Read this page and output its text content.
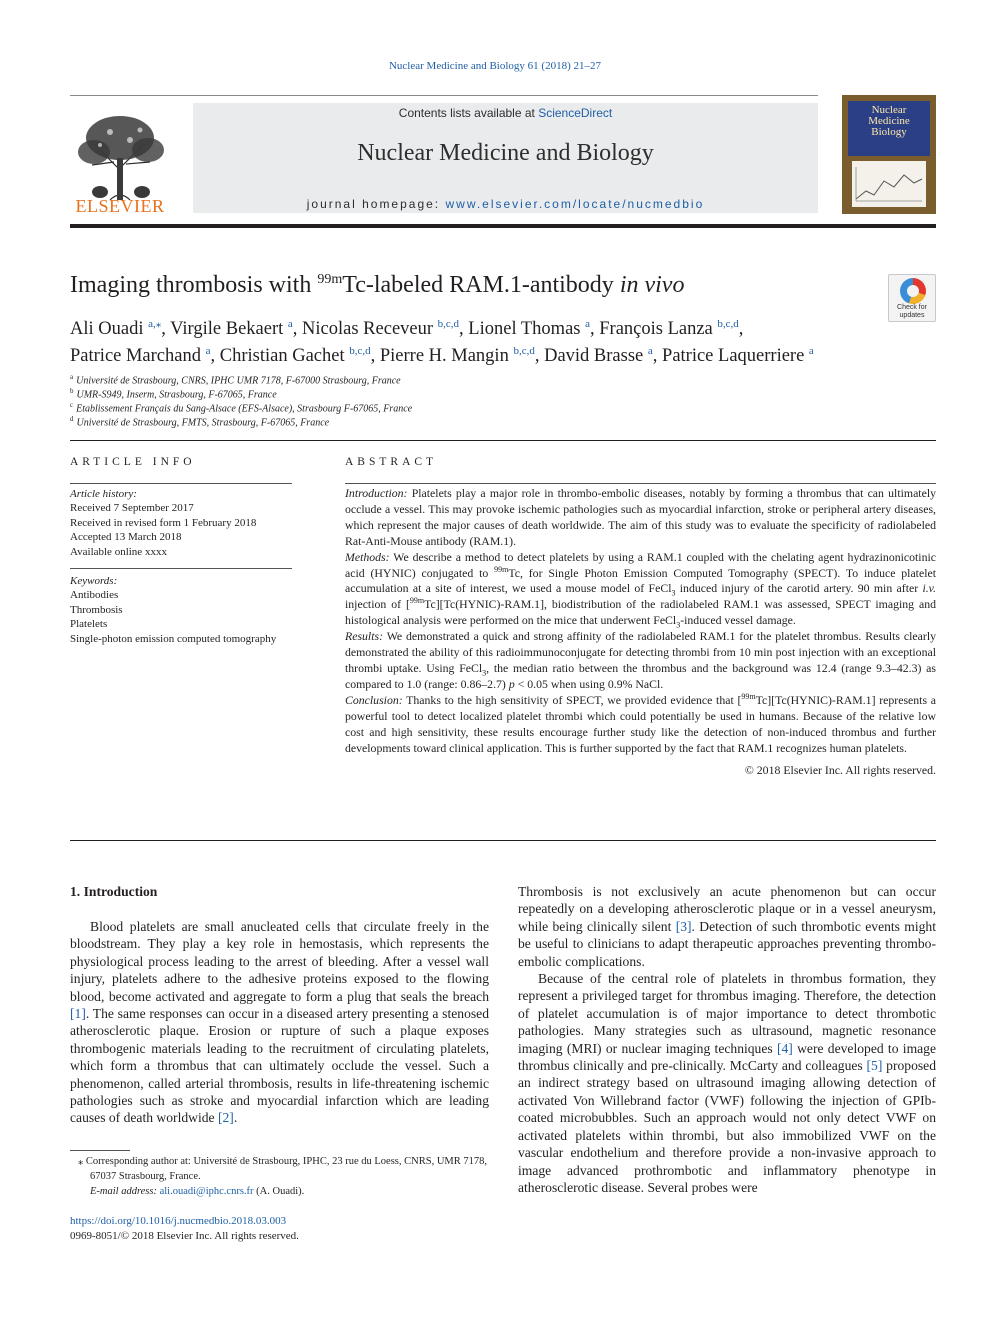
Nuclear Medicine and Biology 61 (2018) 21–27
ELSEVIER
Contents lists available at ScienceDirect
Nuclear Medicine and Biology
journal homepage: www.elsevier.com/locate/nucmedbio
Nuclear
Medicine
Biology
Imaging thrombosis with $^{99m}$Tc-labeled RAM.1-antibody in vivo
Check for
updates
Ali Ouadi $^{a,⁎}$, Virgile Bekaert $^a$, Nicolas Receveur $^{b,c,d}$, Lionel Thomas $^a$, François Lanza $^{b,c,d}$,
Patrice Marchand $^a$, Christian Gachet $^{b,c,d}$, Pierre H. Mangin $^{b,c,d}$, David Brasse $^a$, Patrice Laquerriere $^a$
$^a$ Université de Strasbourg, CNRS, IPHC UMR 7178, F-67000 Strasbourg, France
$^b$ UMR-S949, Inserm, Strasbourg, F-67065, France
$^c$ Etablissement Français du Sang-Alsace (EFS-Alsace), Strasbourg F-67065, France
$^d$ Université de Strasbourg, FMTS, Strasbourg, F-67065, France
ARTICLE INFO
Article history:
Received 7 September 2017
Received in revised form 1 February 2018
Accepted 13 March 2018
Available online xxxx
Keywords:
Antibodies
Thrombosis
Platelets
Single-photon emission computed tomography
ABSTRACT

Introduction: Platelets play a major role in thrombo-embolic diseases, notably by forming a thrombus that can ultimately occlude a vessel. This may provoke ischemic pathologies such as myocardial infarction, stroke or peripheral artery diseases, which represent the major causes of death worldwide. The aim of this study was to evaluate the specificity of radiolabeled Rat-Anti-Mouse antibody (RAM.1).

Methods: We describe a method to detect platelets by using a RAM.1 coupled with the chelating agent hydrazinonicotinic acid (HYNIC) conjugated to $^{99m}$Tc, for Single Photon Emission Computed Tomography (SPECT). To induce platelet accumulation at a site of interest, we used a mouse model of FeCl$_3$ induced injury of the carotid artery. 90 min after i.v. injection of [$^{99m}$Tc][Tc(HYNIC)-RAM.1], biodistribution of the radiolabeled RAM.1 was assessed, SPECT imaging and histological analysis were performed on the mice that underwent FeCl$_3$-induced vessel damage.

Results: We demonstrated a quick and strong affinity of the radiolabeled RAM.1 for the platelet thrombus. Results clearly demonstrated the ability of this radioimmunoconjugate for detecting thrombi from 10 min post injection with an exceptional thrombi uptake. Using FeCl$_3$, the median ratio between the thrombus and the background was 12.4 (range 9.3–42.3) as compared to 1.0 (range: 0.86–2.7) p < 0.05 when using 0.9% NaCl.

Conclusion: Thanks to the high sensitivity of SPECT, we provided evidence that [$^{99m}$Tc][Tc(HYNIC)-RAM.1] represents a powerful tool to detect localized platelet thrombi which could potentially be used in humans. Because of the relative low cost and high sensitivity, these results encourage further study like the detection of non-induced thrombus and further developments toward clinical application. This is further supported by the fact that RAM.1 recognizes human platelets.

© 2018 Elsevier Inc. All rights reserved.

1. Introduction

Blood platelets are small anucleated cells that circulate freely in the bloodstream. They play a key role in hemostasis, which represents the physiological process leading to the arrest of bleeding. After a vessel wall injury, platelets adhere to the adhesive proteins exposed to the flowing blood, become activated and aggregate to form a plug that seals the breach [1]. The same responses can occur in a diseased artery presenting a stenosed atherosclerotic plaque. Erosion or rupture of such a plaque exposes thrombogenic materials leading to the recruitment of circulating platelets, which form a thrombus that can ultimately occlude the vessel. Such a phenomenon, called arterial thrombosis, results in life-threatening ischemic pathologies such as stroke and myocardial infarction which are leading causes of death worldwide [2].

Thrombosis is not exclusively an acute phenomenon but can occur repeatedly on a developing atherosclerotic plaque or in a vessel aneurysm, while being clinically silent [3]. Detection of such thrombotic events might be useful to clinicians to adapt therapeutic approaches preventing thrombo-embolic complications.

Because of the central role of platelets in thrombus formation, they represent a privileged target for thrombus imaging. Therefore, the detection of platelet accumulation is of major importance to detect thrombotic pathologies. Many strategies such as ultrasound, magnetic resonance imaging (MRI) or nuclear imaging techniques [4] were developed to image thrombus clinically and pre-clinically. McCarty and colleagues [5] proposed an indirect strategy based on ultrasound imaging allowing detection of activated Von Willebrand factor (VWF) following the injection of GPIb-coated microbubbles. Such an approach would not only detect VWF on activated platelets within thrombi, but also immobilized VWF on the vascular endothelium and therefore provide a non-invasive approach to image advanced prothrombotic and inflammatory phenotype in atherosclerotic disease. Several probes were

⁎ Corresponding author at: Université de Strasbourg, IPHC, 23 rue du Loess, CNRS, UMR 7178, 67037 Strasbourg, France.
E-mail address: ali.ouadi@iphc.cnrs.fr (A. Ouadi).
https://doi.org/10.1016/j.nucmedbio.2018.03.003
0969-8051/© 2018 Elsevier Inc. All rights reserved.
